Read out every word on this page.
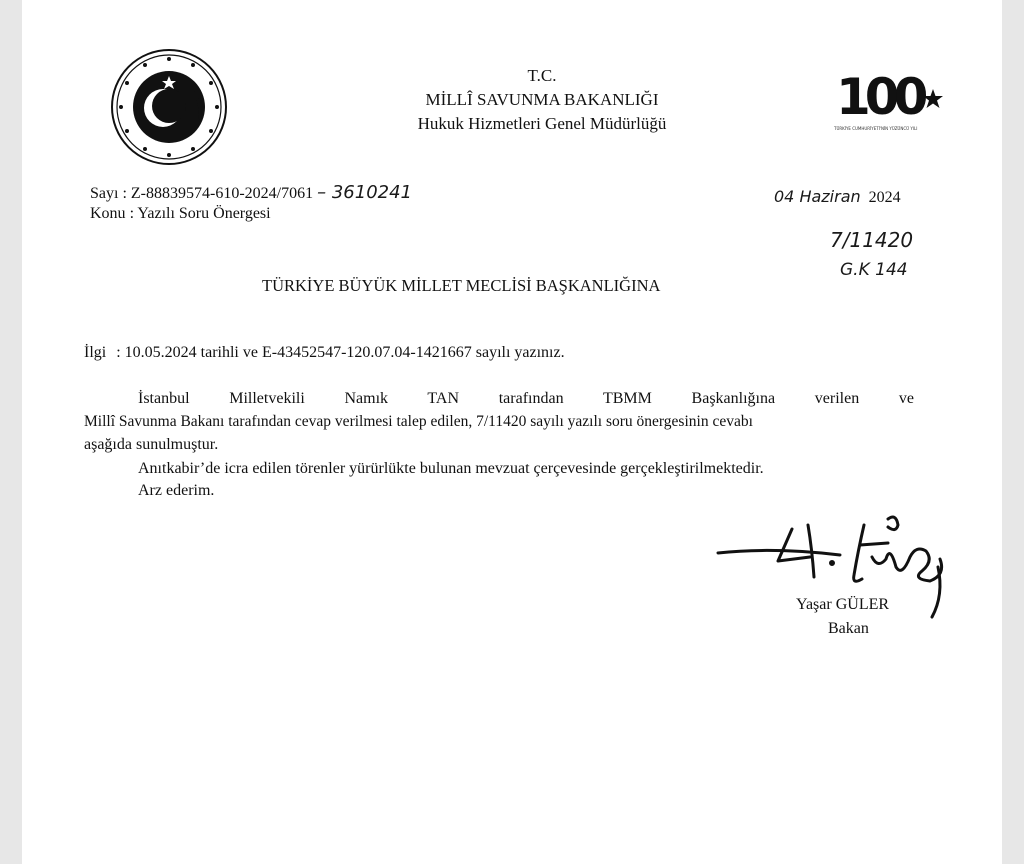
T.C.
MİLLÎ SAVUNMA BAKANLIĞI
Hukuk Hizmetleri Genel Müdürlüğü	100
TÜRKİYE CUMHURİYETİ'NİN YÜZÜNCÜ YILI
Sayı : Z-88839574-610-2024/7061 – 3610241
Konu : Yazılı Soru Önergesi
04 Haziran 2024
7/11420
G.K 144
TÜRKİYE BÜYÜK MİLLET MECLİSİ BAŞKANLIĞINA
İlgi : 10.05.2024 tarihli ve E-43452547-120.07.04-1421667 sayılı yazınız.
İstanbul Milletvekili Namık TAN tarafından TBMM Başkanlığına verilen ve
Millî Savunma Bakanı tarafından cevap verilmesi talep edilen, 7/11420 sayılı yazılı soru önergesinin cevabı
aşağıda sunulmuştur.
Anıtkabir’de icra edilen törenler yürürlükte bulunan mevzuat çerçevesinde gerçekleştirilmektedir.
Arz ederim.
Yaşar GÜLER
Bakan
